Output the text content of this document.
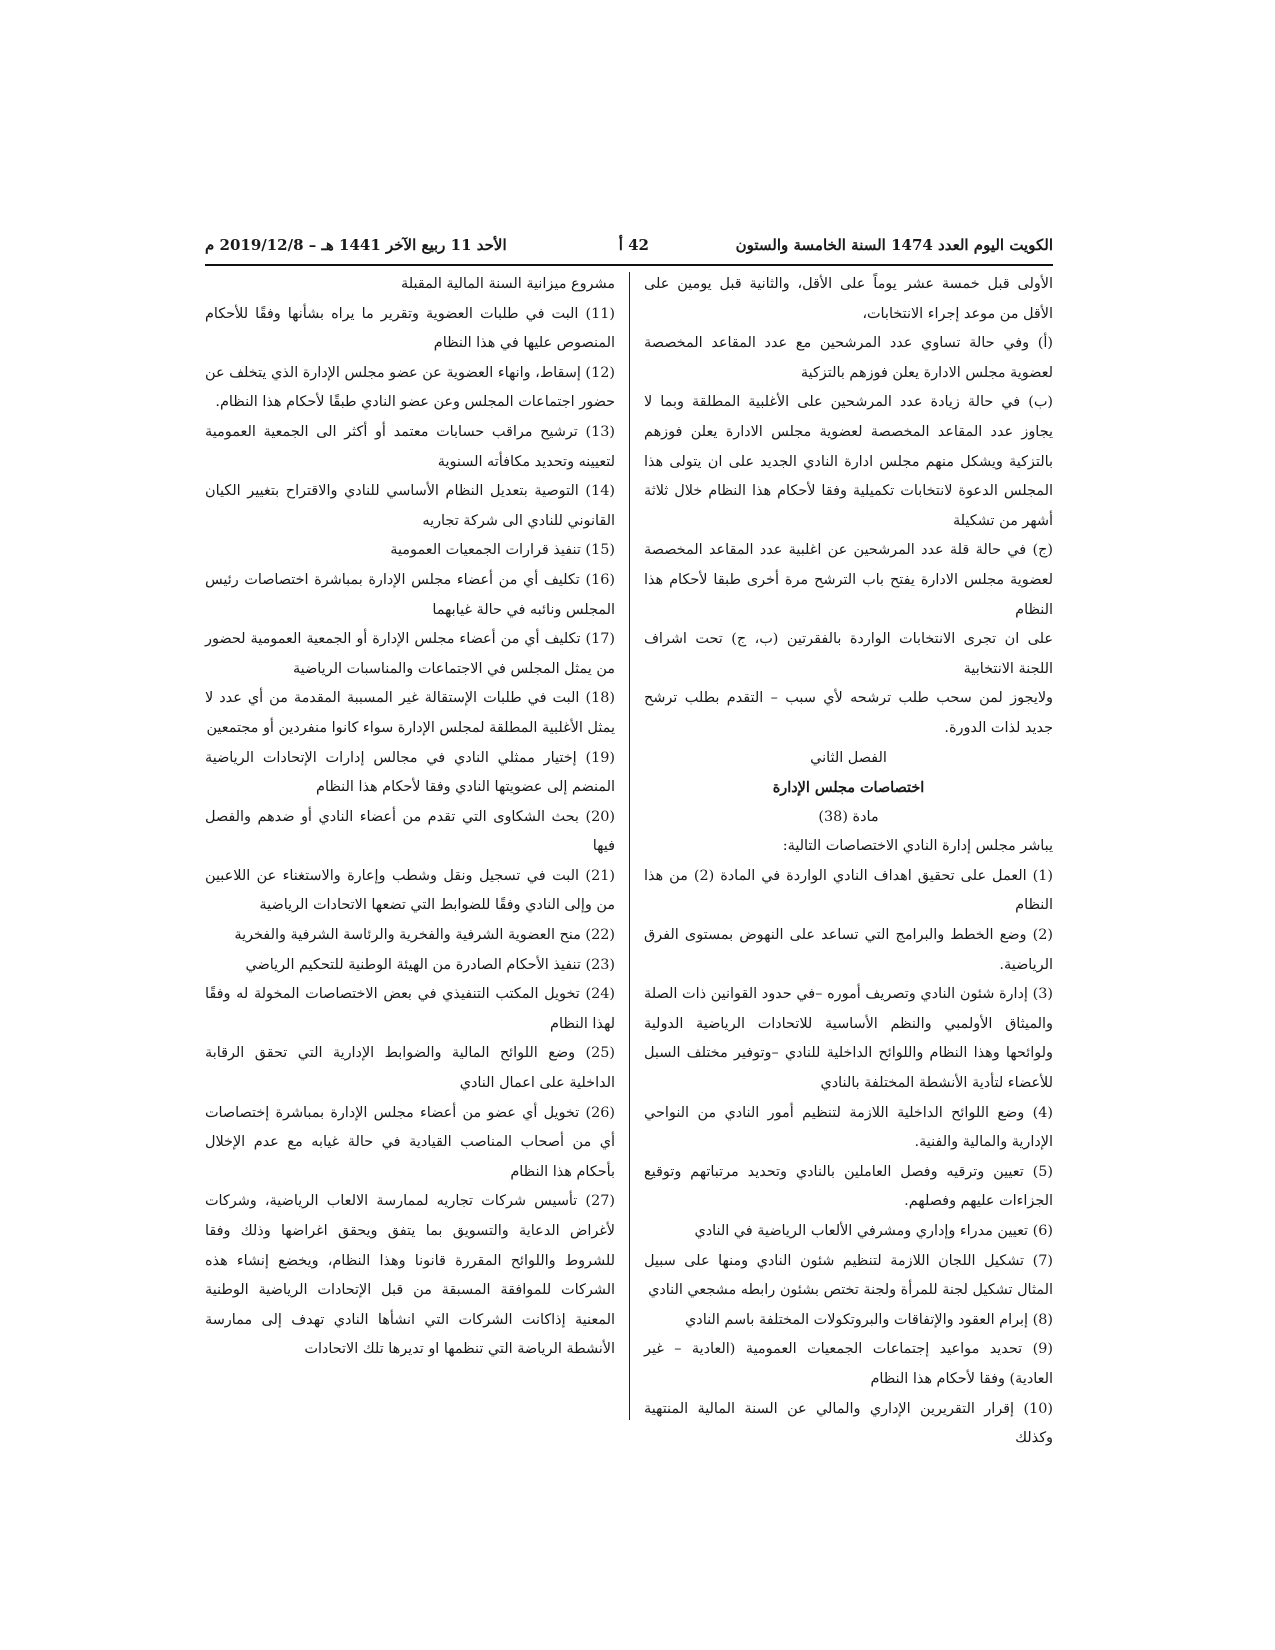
الكويت اليوم العدد 1474 السنة الخامسة والستون
42 أ
الأحد 11 ربيع الآخر 1441 هـ – 2019/12/8 م

الأولى قبل خمسة عشر يوماً على الأقل، والثانية قبل يومين على الأقل من موعد إجراء الانتخابات،

(أ) وفي حالة تساوي عدد المرشحين مع عدد المقاعد المخصصة لعضوية مجلس الادارة يعلن فوزهم بالتزكية

(ب) في حالة زيادة عدد المرشحين على الأغلبية المطلقة وبما لا يجاوز عدد المقاعد المخصصة لعضوية مجلس الادارة يعلن فوزهم بالتزكية ويشكل منهم مجلس ادارة النادي الجديد على ان يتولى هذا المجلس الدعوة لانتخابات تكميلية وفقا لأحكام هذا النظام خلال ثلاثة أشهر من تشكيلة

(ج) في حالة قلة عدد المرشحين عن اغلبية عدد المقاعد المخصصة لعضوية مجلس الادارة يفتح باب الترشح مرة أخرى طبقا لأحكام هذا النظام

على ان تجرى الانتخابات الواردة بالفقرتين (ب، ج) تحت اشراف اللجنة الانتخابية

ولايجوز لمن سحب طلب ترشحه لأي سبب – التقدم بطلب ترشح جديد لذات الدورة.

الفصل الثاني

اختصاصات مجلس الإدارة

مادة (38)

يباشر مجلس إدارة النادي الاختصاصات التالية:

(1) العمل على تحقيق اهداف النادي الواردة في المادة (2) من هذا النظام

(2) وضع الخطط والبرامج التي تساعد على النهوض بمستوى الفرق الرياضية.

(3) إدارة شئون النادي وتصريف أموره –في حدود القوانين ذات الصلة والميثاق الأولمبي والنظم الأساسية للاتحادات الرياضية الدولية ولوائحها وهذا النظام واللوائح الداخلية للنادي –وتوفير مختلف السبل للأعضاء لتأدية الأنشطة المختلفة بالنادي

(4) وضع اللوائح الداخلية اللازمة لتنظيم أمور النادي من النواحي الإدارية والمالية والفنية.

(5) تعيين وترقيه وفصل العاملين بالنادي وتحديد مرتباتهم وتوقيع الجزاءات عليهم وفصلهم.

(6) تعيين مدراء وإداري ومشرفي الألعاب الرياضية في النادي

(7) تشكيل اللجان اللازمة لتنظيم شئون النادي ومنها على سبيل المثال تشكيل لجنة للمرأة ولجنة تختص بشئون رابطه مشجعي النادي

(8) إبرام العقود والإتفاقات والبروتكولات المختلفة باسم النادي

(9) تحديد مواعيد إجتماعات الجمعيات العمومية (العادية – غير العادية) وفقا لأحكام هذا النظام

(10) إقرار التقريرين الإداري والمالي عن السنة المالية المنتهية وكذلك

مشروع ميزانية السنة المالية المقبلة

(11) البت في طلبات العضوية وتقرير ما يراه بشأنها وفقًا للأحكام المنصوص عليها في هذا النظام

(12) إسقاط، وانهاء العضوية عن عضو مجلس الإدارة الذي يتخلف عن حضور اجتماعات المجلس وعن عضو النادي طبقًا لأحكام هذا النظام.

(13) ترشيح مراقب حسابات معتمد أو أكثر الى الجمعية العمومية لتعيينه وتحديد مكافأته السنوية

(14) التوصية بتعديل النظام الأساسي للنادي والاقتراح بتغيير الكيان القانوني للنادي الى شركة تجاريه

(15) تنفيذ قرارات الجمعيات العمومية

(16) تكليف أي من أعضاء مجلس الإدارة بمباشرة اختصاصات رئيس المجلس ونائبه في حالة غيابهما

(17) تكليف أي من أعضاء مجلس الإدارة أو الجمعية العمومية لحضور من يمثل المجلس في الاجتماعات والمناسبات الرياضية

(18) البت في طلبات الإستقالة غير المسببة المقدمة من أي عدد لا يمثل الأغلبية المطلقة لمجلس الإدارة سواء كانوا منفردين أو مجتمعين

(19) إختيار ممثلي النادي في مجالس إدارات الإتحادات الرياضية المنضم إلى عضويتها النادي وفقا لأحكام هذا النظام

(20) بحث الشكاوى التي تقدم من أعضاء النادي أو ضدهم والفصل فيها

(21) البت في تسجيل ونقل وشطب وإعارة والاستغناء عن اللاعبين من وإلى النادي وفقًا للضوابط التي تضعها الاتحادات الرياضية

(22) منح العضوية الشرفية والفخرية والرئاسة الشرفية والفخرية

(23) تنفيذ الأحكام الصادرة من الهيئة الوطنية للتحكيم الرياضي

(24) تخويل المكتب التنفيذي في بعض الاختصاصات المخولة له وفقًا لهذا النظام

(25) وضع اللوائح المالية والضوابط الإدارية التي تحقق الرقابة الداخلية على اعمال النادي

(26) تخويل أي عضو من أعضاء مجلس الإدارة بمباشرة إختصاصات أي من أصحاب المناصب القيادية في حالة غيابه مع عدم الإخلال بأحكام هذا النظام

(27) تأسيس شركات تجاريه لممارسة الالعاب الرياضية، وشركات لأغراض الدعاية والتسويق بما يتفق ويحقق اغراضها وذلك وفقا للشروط واللوائح المقررة قانونا وهذا النظام، ويخضع إنشاء هذه الشركات للموافقة المسبقة من قبل الإتحادات الرياضية الوطنية المعنية إذاكانت الشركات التي انشأها النادي تهدف إلى ممارسة الأنشطة الرياضة التي تنظمها او تديرها تلك الاتحادات
